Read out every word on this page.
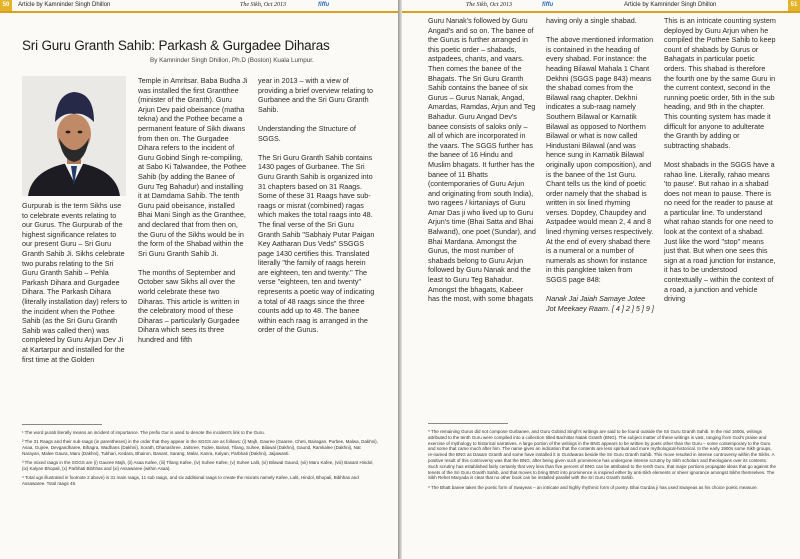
50	Article by Kamninder Singh Dhillon	The Sikh, Oct 2013	fiffu
Sri Guru Granth Sahib: Parkash & Gurgadee Diharas
By Kamninder Singh Dhillon, Ph.D (Boston) Kuala Lumpur.

Gurpurab is the term Sikhs use to celebrate events relating to our Gurus. The Gurpurab of the highest significance relates to our present Guru – Sri Guru Granth Sahib Ji. Sikhs celebrate two purabs relating to the Sri Guru Granth Sahib – Pehla Parkash Dihara and Gurgadee Dihara. The Parkash Dihara (literally installation day) refers to the incident when the Pothee Sahib (as the Sri Guru Granth Sahib was called then) was completed by Guru Arjun Dev Ji at Kartarpur and installed for the first time at the Golden

Temple in Amritsar. Baba Budha Ji was installed the first Grantthee (minister of the Granth). Guru Arjun Dev paid obeisance (matha tekna) and the Pothee became a permanent feature of Sikh diwans from then on. The Gurgadee Dihara refers to the incident of Guru Gobind Singh re-compiling, at Sabo Ki Talwandee, the Pothee Sahib (by adding the Banee of Guru Teg Bahadur) and installing it at Damdama Sahib. The tenth Guru paid obeisance, installed Bhai Mani Singh as the Granthee, and declared that from then on, the Guru of the Sikhs would be in the form of the Shabad within the Sri Guru Granth Sahib Ji.

The months of September and October saw Sikhs all over the world celebrate these two Diharas. This article is written in the celebratory mood of these Diharas – particularly Gurgadee Dihara which sees its three hundred and fifth

year in 2013 – with a view of providing a brief overview relating to Gurbanee and the Sri Guru Granth Sahib.

Understanding the Structure of SGGS.

The Sri Guru Granth Sahib contains 1430 pages of Gurbanee. The Sri Guru Granth Sahib is organized into 31 chapters based on 31 Raags. Some of these 31 Raags have sub-raags or misrat (combined) ragas which makes the total raags into 48. The final verse of the Sri Guru Granth Sahib "Sabhaiy Putar Paigan Key Aatharan Dus Veds" SSGGS page 1430 certifies this. Translated literally "the family of raags herein are eighteen, ten and twenty." The verse "eighteen, ten and twenty" represents a poetic way of indicating a total of 48 raags since the three counts add up to 48. The banee within each raag is arranged in the order of the Gurus.

¹ The word purab literally means an incident of importance. The prefix Gur is used to denote the incident's link to the Guru.

² The 31 Raags and their sub-raags (in parentheses) in the order that they appear in the SGGS are as follows: (i) Majh, Gauree (Gaaree, Cheti, Bairagan, Purbee, Malwa, Dakhni), Asaa, Gujree, Devgandharee, Bihagra, Wadhans (Dakhni), Sorath, Dhanashree, Jaitsree, Todee, Bairari, Tilang, Suhee, Bilawal (Dakhni), Gaund, Ramkalee (Dakhni), Nat Narayan, Malee Gaura, Maru (Dakhni), Tukhari, Kedara, Bhairon, Basant, Sarang, Malar, Kanra, Kalyan, Parbhati (Dakhni), Jaijawanti.

³ The mixed raags in the SGGS are (i) Gauree Majh, (ii) Asaa Kafee, (iii) Tilang Kafee, (iv) Suhee Kafee, (v) Suhee Lalit, (vi) Bilawal Gaund, (vii) Maru Kafee, (viii) Basant Hindol, (ix) Kalyan Bhopali, (x) Parbhati Bibhhas and (xi) Assawaree (within Asaa).

⁴ Total ugs illustrated in footnote 2 above) is 31 main raags, 11 sub raags, and six additional raags to create the mixrats namely Kafee, Lalit, Hindol, Bhopali, Bibhhas and Assawaree. Total raags 48.

The Sikh, Oct 2013	fiffu	Article by Kamninder Singh Dhillon	51

Guru Nanak's followed by Guru Angad's and so on. The banee of the Gurus is further arranged in this poetic order – shabads, astpadees, chants, and vaars. Then comes the banee of the Bhagats. The Sri Guru Granth Sahib contains the banee of six Gurus – Gurus Nanak, Angad, Amardas, Ramdas, Arjun and Teg Bahadur. Guru Angad Dev's banee consists of saloks only – all of which are incorporated in the vaars. The SGGS further has the banee of 16 Hindu and Muslim bhagats. It further has the banee of 11 Bhatts (contemporaries of Guru Arjun and originating from south India), two ragees / kirtaniays of Guru Amar Das ji who lived up to Guru Arjun's time (Bhai Satta and Bhai Balwand), one poet (Sundar), and Bhai Mardana. Amongst the Gurus, the most number of shabads belong to Guru Arjun followed by Guru Nanak and the least to Guru Teg Bahadur. Amongst the bhagats, Kabeer has the most, with some bhagats

having only a single shabad.

The above mentioned information is contained in the heading of every shabad. For instance: the heading Bilawal Mahala 1 Chant Dekhni (SGGS page 843) means the shabad comes from the Bilawal raag chapter. Dekhni indicates a sub-raag namely Southern Bilawal or Karnatik Bilawal as opposed to Northern Bilawal or what is now called Hindustani Bilawal (and was hence sung in Karnatik Bilawal originally upon composition), and is the banee of the 1st Guru. Chant tells us the kind of poetic order namely that the shabad is written in six lined rhyming verses. Dopdey, Chaupdey and Astpadee would mean 2, 4 and 8 lined rhyming verses respectively. At the end of every shabad there is a numeral or a number of numerals as shown for instance in this pangktee taken from SGGS page 848:

Nanak Jai Jaiah Samaye Jotee Jot Meekaey Raam. [ 4 ] 2 ] 5 ] 9 ]

This is an intricate counting system deployed by Guru Arjun when he compiled the Pothee Sahib to keep count of shabads by Gurus or Bahagats in particular poetic orders. This shabad is therefore the fourth one by the same Guru in the current context, second in the running poetic order, 5th in the sub heading, and 9th in the chapter. This counting system has made it difficult for anyone to adulterate the Granth by adding or subtracting shabads.

Most shabads in the SGGS have a rahao line. Literally, rahao means 'to pause'. But rahao in a shabad does not mean to pause. There is no need for the reader to pause at a particular line. To understand what rahao stands for one need to look at the context of a shabad. Just like the word "stop" means just that. But when one sees this sign at a road junction for instance, it has to be understood contextually – within the context of a road, a junction and vehicle driving

⁵ The remaining Gurus did not compose Gurbanee, and Guru Gobind Singh's writings are said to be found outside the Sri Guru Granth Sahib. In the mid 1600s, writings attributed to the tenth Guru were compiled into a collection titled Bachittar Natak Granth (BNG). The subject matter of these writings is vast, ranging from God's praise and exercise of mythology to historical narratives. A large portion of the writings in the BNG appears to be written by poets other than the Guru – some contemporary to the Guru and some that came much after him. The name gives an indication that the contents are less spiritual and more mythological-historical. In the early 1900s some Sikh groups, re-named the BNG as Dasam Granth and some have installed it in Gurdwaras beside the Sri Guru Granth Sahib. This move resulted in intense controversy within the Sikhs. A positive result of this controversy was that the BNG, after being given such prominence has undergone intense scrutiny by Sikh scholars and theologians over its contents. Such scrutiny has established fairly certainly that very less than five percent of BNG can be attributed to the tenth Guru, that major portions propagate ideas that go against the tenets of the Sri Guru Granth Sahib, and that moves to bring BNG into prominence is inspired either by anti-Sikh elements or sheer ignorance amongst Sikhs themselves. The Sikh Rehet Maryada is clear that no other book can be installed parallel with the Sri Guru Granth Sahib.

⁶ The Bhatt banee takes the poetic form of Swayeas – an intricate and highly rhythmic form of poetry. Bhai Gurdas ji has used Swayeas as his choice poetic measure.
